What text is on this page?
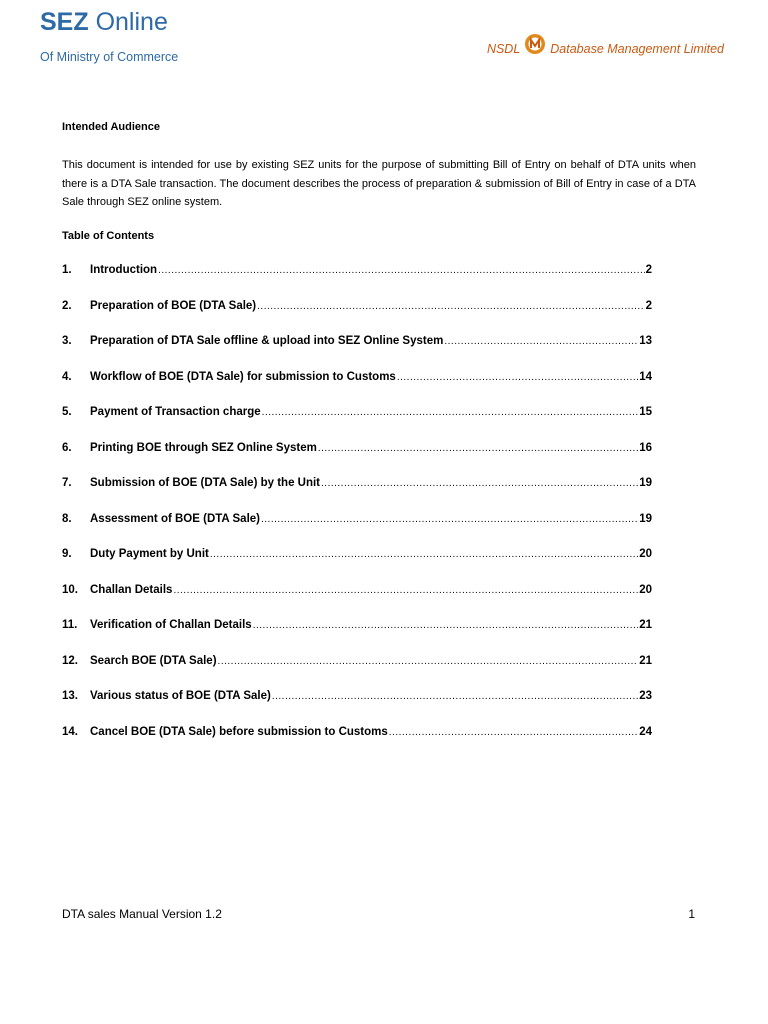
SEZ Online
Of Ministry of Commerce
NSDL Database Management Limited
Intended Audience

This document is intended for use by existing SEZ units for the purpose of submitting Bill of Entry on behalf of DTA units when there is a DTA Sale transaction. The document describes the process of preparation & submission of Bill of Entry in case of a DTA Sale through SEZ online system.

Table of Contents
1.	Introduction .....	2
2.	Preparation of BOE (DTA Sale) .....	2
3.	Preparation of DTA Sale offline & upload into SEZ Online System .....	13
4.	Workflow of BOE (DTA Sale) for submission to Customs .....	14
5.	Payment of Transaction charge .....	15
6.	Printing BOE through SEZ Online System .....	16
7.	Submission of BOE (DTA Sale) by the Unit .....	19
8.	Assessment of BOE (DTA Sale) .....	19
9.	Duty Payment by Unit .....	20
10.	Challan Details .....	20
11.	Verification of Challan Details .....	21
12.	Search BOE (DTA Sale) .....	21
13.	Various status of BOE (DTA Sale) .....	23
14.	Cancel BOE (DTA Sale) before submission to Customs .....	24
DTA sales Manual Version 1.2	1
